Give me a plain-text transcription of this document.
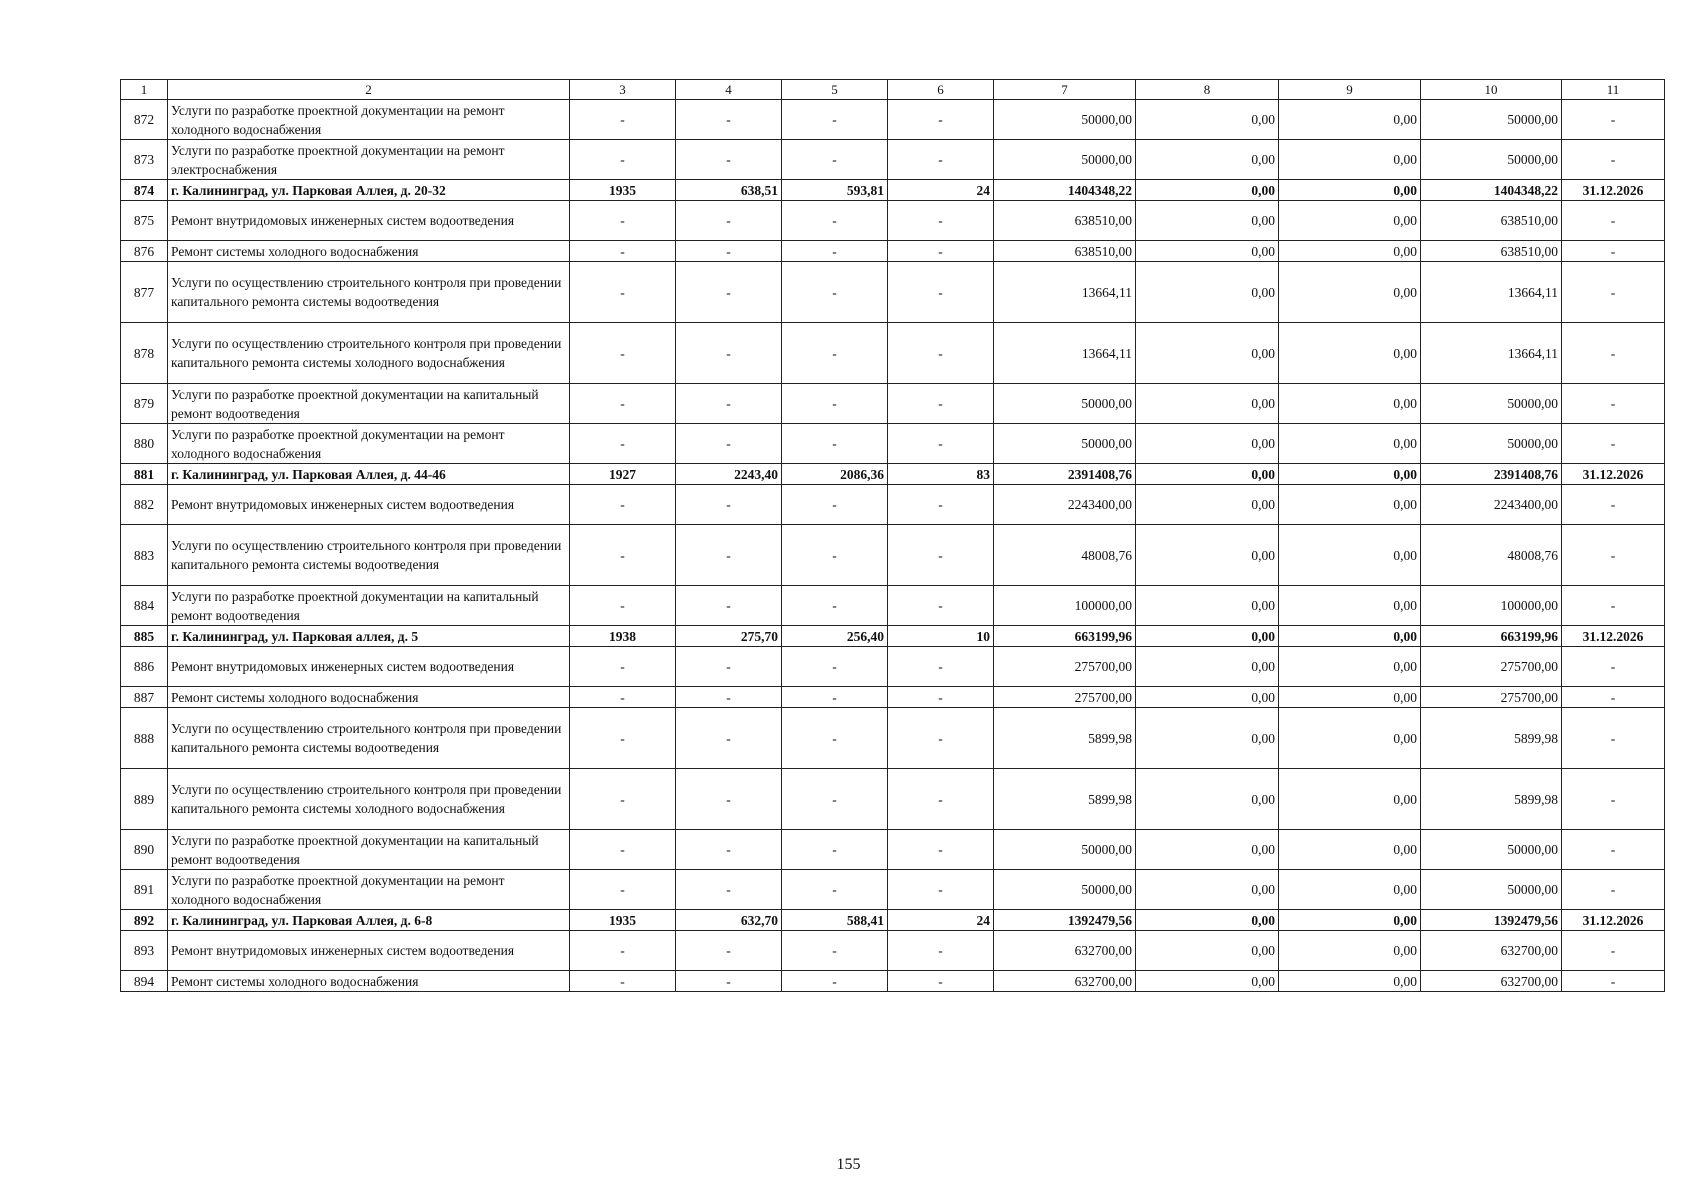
1	2	3	4	5	6	7	8	9	10	11
872	Услуги по разработке проектной документации на ремонт холодного водоснабжения	-	-	-	-	50000,00	0,00	0,00	50000,00	-
873	Услуги по разработке проектной документации на ремонт электроснабжения	-	-	-	-	50000,00	0,00	0,00	50000,00	-
874	г. Калининград, ул. Парковая Аллея, д. 20-32	1935	638,51	593,81	24	1404348,22	0,00	0,00	1404348,22	31.12.2026
875	Ремонт внутридомовых инженерных систем водоотведения	-	-	-	-	638510,00	0,00	0,00	638510,00	-
876	Ремонт системы холодного водоснабжения	-	-	-	-	638510,00	0,00	0,00	638510,00	-
877	Услуги по осуществлению строительного контроля при проведении капитального ремонта системы водоотведения	-	-	-	-	13664,11	0,00	0,00	13664,11	-
878	Услуги по осуществлению строительного контроля при проведении капитального ремонта системы холодного водоснабжения	-	-	-	-	13664,11	0,00	0,00	13664,11	-
879	Услуги по разработке проектной документации на капитальный ремонт водоотведения	-	-	-	-	50000,00	0,00	0,00	50000,00	-
880	Услуги по разработке проектной документации на ремонт холодного водоснабжения	-	-	-	-	50000,00	0,00	0,00	50000,00	-
881	г. Калининград, ул. Парковая Аллея, д. 44-46	1927	2243,40	2086,36	83	2391408,76	0,00	0,00	2391408,76	31.12.2026
882	Ремонт внутридомовых инженерных систем водоотведения	-	-	-	-	2243400,00	0,00	0,00	2243400,00	-
883	Услуги по осуществлению строительного контроля при проведении капитального ремонта системы водоотведения	-	-	-	-	48008,76	0,00	0,00	48008,76	-
884	Услуги по разработке проектной документации на капитальный ремонт водоотведения	-	-	-	-	100000,00	0,00	0,00	100000,00	-
885	г. Калининград, ул. Парковая аллея, д. 5	1938	275,70	256,40	10	663199,96	0,00	0,00	663199,96	31.12.2026
886	Ремонт внутридомовых инженерных систем водоотведения	-	-	-	-	275700,00	0,00	0,00	275700,00	-
887	Ремонт системы холодного водоснабжения	-	-	-	-	275700,00	0,00	0,00	275700,00	-
888	Услуги по осуществлению строительного контроля при проведении капитального ремонта системы водоотведения	-	-	-	-	5899,98	0,00	0,00	5899,98	-
889	Услуги по осуществлению строительного контроля при проведении капитального ремонта системы холодного водоснабжения	-	-	-	-	5899,98	0,00	0,00	5899,98	-
890	Услуги по разработке проектной документации на капитальный ремонт водоотведения	-	-	-	-	50000,00	0,00	0,00	50000,00	-
891	Услуги по разработке проектной документации на ремонт холодного водоснабжения	-	-	-	-	50000,00	0,00	0,00	50000,00	-
892	г. Калининград, ул. Парковая Аллея, д. 6-8	1935	632,70	588,41	24	1392479,56	0,00	0,00	1392479,56	31.12.2026
893	Ремонт внутридомовых инженерных систем водоотведения	-	-	-	-	632700,00	0,00	0,00	632700,00	-
894	Ремонт системы холодного водоснабжения	-	-	-	-	632700,00	0,00	0,00	632700,00	-
155
